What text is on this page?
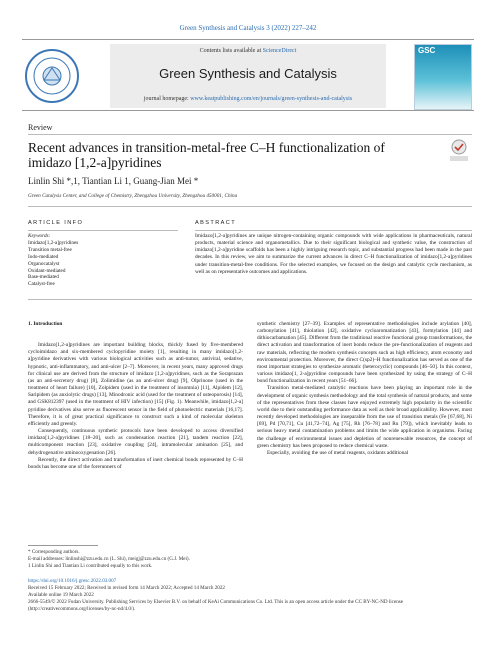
Green Synthesis and Catalysis 3 (2022) 227–242
Contents lists available at ScienceDirect
Green Synthesis and Catalysis
journal homepage: www.keaipublishing.com/en/journals/green-synthesis-and-catalysis
GSC
Review
Recent advances in transition-metal-free C–H functionalization of imidazo [1,2-a]pyridines
Linlin Shi *,1, Tiantian Li 1, Guang-Jian Mei *
Green Catalysis Center, and College of Chemistry, Zhengzhou University, Zhengzhou 450001, China
ARTICLE INFO	ABSTRACT
Keywords:
Imidazo[1,2-a]pyridines
Transition metal-free
Iodo-mediated
Organocatalyst
Oxidant-mediated
Base-mediated
Catalyst-free
Imidazo[1,2-a]pyridines are unique nitrogen-containing organic compounds with wide applications in pharmaceuticals, natural products, material science and organometallics. Due to their significant biological and synthetic value, the construction of imidazo[1,2-a]pyridine scaffolds has been a highly intriguing research topic, and substantial progress had been made in the past decades. In this review, we aim to summarize the current advances in direct C–H functionalization of imidazo[1,2-a]pyridines under transition-metal-free conditions. For the selected examples, we focused on the design and catalytic cycle mechanism, as well as on representative outcomes and applications.

1. Introduction

Imidazo[1,2-a]pyridines are important building blocks, thickly fused by five-membered cycloimidazo and six-membered cyclopyridine moiety [1], resulting in many imidazo[1,2-a]pyridine derivatives with various biological activities such as anti-tumor, antiviral, sedative, hypnotic, anti-inflammatory, and anti-ulcer [2–7]. Moreover, in recent years, many approved drugs for clinical use are derived from the structure of imidazo [1,2-a]pyridines, such as the Soraprazan (as an anti-secretory drug) [8], Zolimidine (as an anti-ulcer drug) [9], Olprinone (used in the treatment of heart failure) [10], Zolpidem (used in the treatment of insomnia) [11], Alpidem [12], Saripidem (as anxiolytic drugs) [13], Minodronic acid (used for the treatment of osteoporosis) [14], and GSK812397 (used in the treatment of HIV infection) [15] (Fig. 1). Meanwhile, imidazo[1,2-a] pyridine derivatives also serve as fluorescent sensor in the field of photoelectric materials [16,17]. Therefore, it is of great practical significance to construct such a kind of molecular skeleton efficiently and greenly.

Consequently, continuous synthetic protocols have been developed to access diversified imidazo[1,2-a]pyridines [18–20], such as condensation reaction [21], tandem reaction [22], multicomponent reaction [23], oxidative coupling [24], intramolecular amination [25], and dehydrogenative aminooxygenation [26].

Recently, the direct activation and transformation of inert chemical bonds represented by C–H bonds has become one of the forerunners of

synthetic chemistry [27–39]. Examples of representative methodologies include arylation [40], carbonylation [41], thiolation [42], oxidative cycloaromatization [43], formylation [44] and dithiocarbamation [45]. Different from the traditional reactive functional group transformations, the direct activation and transformation of inert bonds reduce the pre-functionalization of reagents and raw materials, reflecting the modern synthesis concepts such as high efficiency, atom economy and environmental protection. Moreover, the direct C(sp2)–H functionalization has served as one of the most important strategies to synthesize aromatic (heterocyclic) compounds [46–50]. In this context, various imidazo[1, 2-a]pyridine compounds have been synthesized by using the strategy of C–H bond functionalization in recent years [51–66].

Transition metal-mediated catalytic reactions have been playing an important role in the development of organic synthesis methodology and the total synthesis of natural products, and some of the representatives from these classes have enjoyed extremely high popularity in the scientific world due to their outstanding performance data as well as their broad applicability. However, most recently developed methodologies are inseparable from the use of transition metals (Fe [67,68], Ni [69], Pd [70,71], Cu [41,72–74], Ag [75], Rh [76–78] and Ru [79]), which inevitably leads to serious heavy metal contamination problems and limits the wide application in organisms. Facing the challenge of environmental issues and depletion of nonrenewable resources, the concept of green chemistry has been proposed to reduce chemical waste.

Especially, avoiding the use of metal reagents, oxidants additional

* Corresponding authors.

E-mail addresses: linlinshi@zzu.edu.cn (L. Shi), meigj@zzu.edu.cn (G.J. Mei).

1 Linlin Shi and Tiantian Li contributed equally to this work.

https://doi.org/10.1016/j.gresc.2022.03.007

Received 15 February 2022; Received in revised form 14 March 2022; Accepted 14 March 2022

Available online 19 March 2022

2666-5549/© 2022 Fudan University. Publishing Services by Elsevier B.V. on behalf of KeAi Communications Co. Ltd. This is an open access article under the CC BY-NC-ND license (http://creativecommons.org/licenses/by-nc-nd/4.0/).
